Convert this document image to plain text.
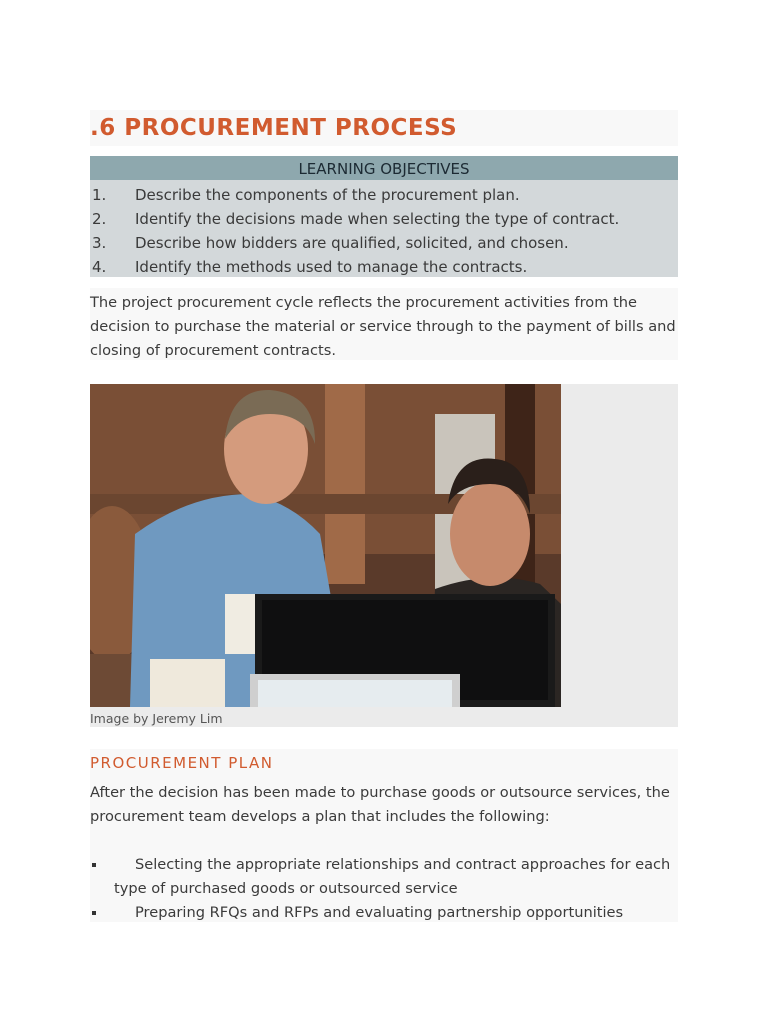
.6 PROCUREMENT PROCESS
LEARNING OBJECTIVES
1. Describe the components of the procurement plan.
2. Identify the decisions made when selecting the type of contract.
3. Describe how bidders are qualified, solicited, and chosen.
4. Identify the methods used to manage the contracts.

The project procurement cycle reflects the procurement activities from the decision to purchase the material or service through to the payment of bills and closing of procurement contracts.

Image by Jeremy Lim

PROCUREMENT PLAN

After the decision has been made to purchase goods or outsource services, the procurement team develops a plan that includes the following:

Selecting the appropriate relationships and contract approaches for each type of purchased goods or outsourced service
Preparing RFQs and RFPs and evaluating partnership opportunities
